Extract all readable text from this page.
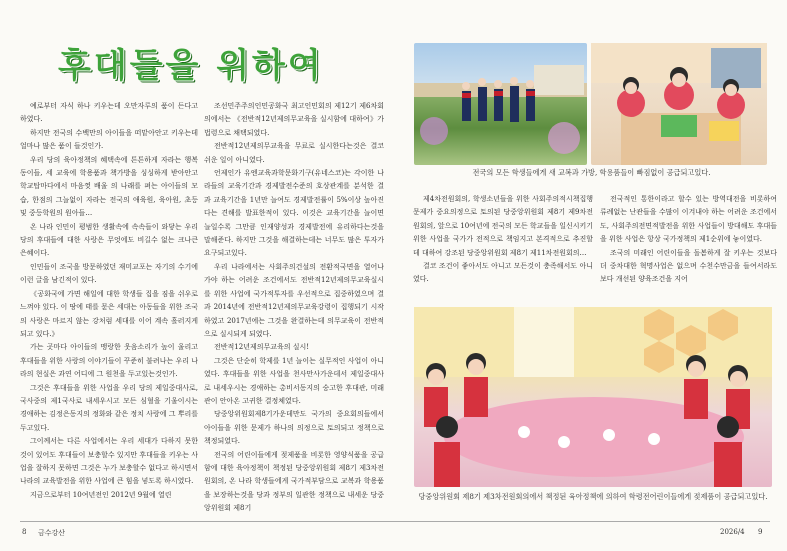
후대들을 위하여

예로부터 자식 하나 키우는데 오만자루의 품이 든다고 하였다.

하지만 전국의 수백만의 아이들을 떠맡아안고 키우는데 얼마나 많은 품이 들것인가.

우리 당의 육아정책의 혜택속에 튼튼하게 자라는 행복동이들, 세 교육에 학용품과 책가방을 싱싱하게 받아안고 학교탑마다에서 마음껏 배울 의 나래를 펴는 아이들의 모습, 한점의 그늘없이 자라는 전국의 애육원, 육아원, 초등 및 중등학원의 원아들…

온 나라 인민이 평범한 생활속에 속속들이 와닿는 우리 당의 후대들에 대한 사랑은 무엇에도 비길수 없는 크나큰 은혜이다.

인민들이 조국을 방문하였던 재미교포는 자기의 수기에 이런 글을 남긴적이 있다.

《공화국에 가면 해일에 대한 학생들 집을 짐을 쉬우로 느껴야 있다. 이 땅에 태를 묻은 세대는 아동들을 위한 조국의 사랑은 마르지 않는 강처럼 세대를 이어 계속 흘러지게 되고 있다.》

가는 곳마다 아이들의 맹랑한 웃음소리가 높이 울리고 후대들을 위한 사랑의 이야기들이 꾸준히 불려나는 우리 나라의 현실은 과연 어디에 그 원천을 두고있는것인가.

그것은 후대들을 위한 사업을 우리 당의 제일중대사로, 국사중의 제1국사로 내세우시고 모든 심혈을 기울이시는 경애하는 김정은동지의 정화와 같은 정치 사랑에 그 뿌리를 두고있다.

그이께서는 다른 사업에서는 우리 세대가 다하지 못한것이 있어도 후대들이 보충할수 있지만 후대들을 키우는 사업을 잘하지 못하면 그것은 누가 보충할수 없다고 하시면서 나라의 교육발전을 위한 사업에 큰 힘을 넣도록 하시였다.

지금으로부터 10여년전인 2012년 9월에 열린

조선민주주의인민공화국 최고인민회의 제12기 제6차회의에서는 《전반적12년제의무교육을 실시함에 대하여》가 법령으로 채택되였다.

전반적12년제의무교육을 무료로 실시한다는것은 결코 쉬운 일이 아니였다.

언제인가 유엔교육과학문화기구(유네스코)는 각이한 나라들의 교육기간과 경제발전수준의 호상관계를 분석한 결과 교육기간을 1년만 늘여도 경제발전률이 5%이상 높아진다는 견해를 발표한적이 있다. 이것은 교육기간을 늘이면 늘일수록 그만큼 인재양성과 경제발전에 유리하다는것을 말해준다. 하지만 그것을 해결하는데는 너무도 많은 투자가 요구되고있다.

우리 나라에서는 사회주의건설의 전환적국면을 열어나가야 하는 어려운 조건에서도 전반적12년제의무교육실시를 위한 사업에 국가적투자를 우선적으로 집중하였으며 결과 2014년에 전반적12년제의무교육강령이 집행되기 시작하였고 2017년에는 그것을 완결하는데 의무교육이 전반적으로 실시되게 되였다.

전반적12년제의무교육의 실시!

그것은 단순히 학제를 1년 늘이는 실무적인 사업이 아니였다. 후대들을 위한 사업을 천사만사가운데서 제일중대사로 내세우시는 경애하는 총비서동지의 숭고한 후대관, 미래관이 안아온 고귀한 결정체였다.

당중앙위원회제8기가운데만도 국가의 중요회의들에서 아이들을 위한 문제가 하나의 의정으로 토의되고 정책으로 책정되였다.

전국의 어린이들에게 젖제품을 비롯한 영양식품을 공급함에 대한 육아정책이 책정된 당중앙위원회 제8기 제3차전원회의, 온 나라 학생들에게 국가적부담으로 교복과 학용품을 보장하는것을 당과 정부의 일관한 정책으로 내세운 당중앙위원회 제8기

전국의 모든 학생들에게 새 교복과 가방, 학용품들이 빠짐없이 공급되고있다.

제4차전원회의, 학생소년들을 위한 사회주의적시책집행문제가 중요의정으로 토의된 당중앙위원회 제8기 제9차전원회의, 앞으로 10여년에 전국의 모든 학교들을 일신시키기 위한 사업을 국가가 전적으로 책임지고 본격적으로 추진할데 대하여 강조된 당중앙위원회 제8기 제11차전원회의…

결코 조건이 좋아서도 아니고 모든것이 충족해서도 아니였다.

전국적인 통한이라고 할수 있는 방역대전을 비롯하여 류례없는 난관들을 수많이 이겨내야 하는 어려운 조건에서도, 사회주의전면적발전을 위한 사업들이 방대해도 후대들을 위한 사업은 항상 국가정책의 제1순위에 놓이였다.

조국의 미래인 어린이들을 돌봄하게 잘 키우는 것보다 더 중차대한 혁명사업은 없으며 수천수만금을 들여서라도 보다 개선된 양육조건을 지어

당중앙위원회 제8기 제3차전원회의에서 책정된 육아정책에 의하여 학령전어린이들에게 젖제품이 공급되고있다.
8 금수강산	2026/4 9
